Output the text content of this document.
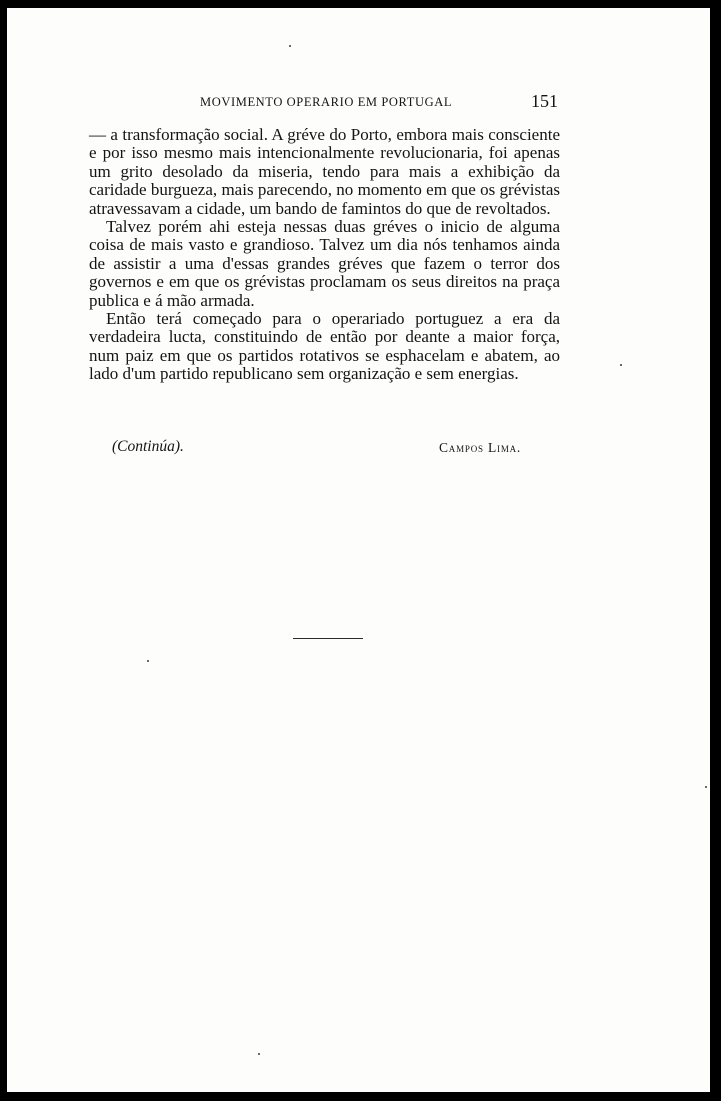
MOVIMENTO OPERARIO EM PORTUGAL	151

— a transformação social. A gréve do Porto, embora mais consciente e por isso mesmo mais intencionalmente revolucionaria, foi apenas um grito desolado da miseria, tendo para mais a exhibição da caridade burgueza, mais parecendo, no momento em que os grévistas atravessavam a cidade, um bando de famintos do que de revoltados.

Talvez porém ahi esteja nessas duas gréves o inicio de alguma coisa de mais vasto e grandioso. Talvez um dia nós tenhamos ainda de assistir a uma d'essas grandes gréves que fazem o terror dos governos e em que os grévistas proclamam os seus direitos na praça publica e á mão armada.

Então terá começado para o operariado portuguez a era da verdadeira lucta, constituindo de então por deante a maior força, num paiz em que os partidos rotativos se esphacelam e abatem, ao lado d'um partido republicano sem organização e sem energias.

(Continúa).	Campos Lima.
